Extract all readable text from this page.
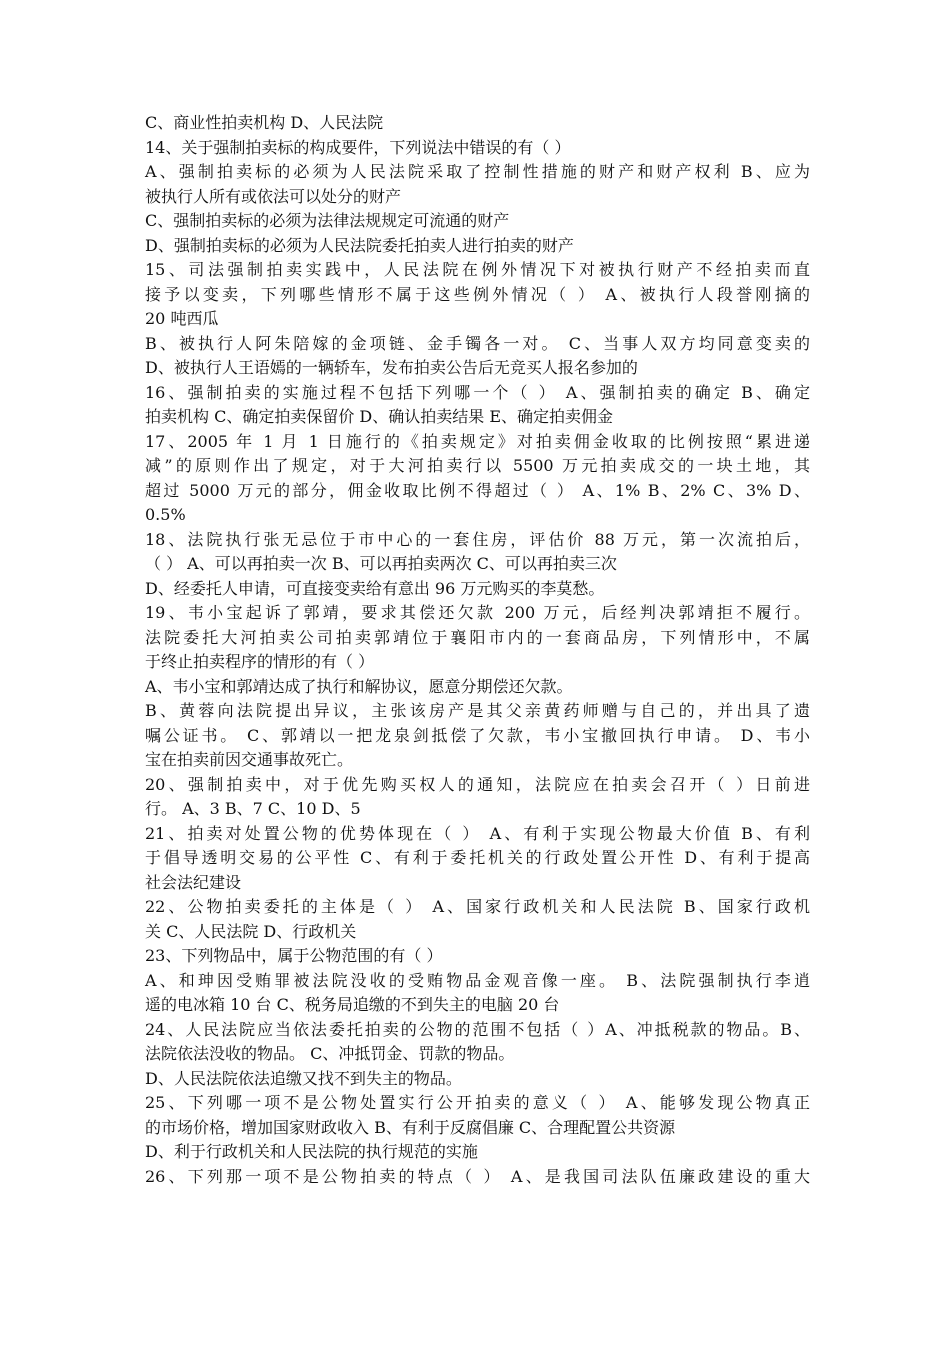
C、商业性拍卖机构 D、人民法院

14、关于强制拍卖标的构成要件，下列说法中错误的有（ ）

A、强制拍卖标的必须为人民法院采取了控制性措施的财产和财产权利 B、应为

被执行人所有或依法可以处分的财产

C、强制拍卖标的必须为法律法规规定可流通的财产

D、强制拍卖标的必须为人民法院委托拍卖人进行拍卖的财产

15、司法强制拍卖实践中，人民法院在例外情况下对被执行财产不经拍卖而直

接予以变卖，下列哪些情形不属于这些例外情况（ ） A、被执行人段誉刚摘的

20 吨西瓜

B、被执行人阿朱陪嫁的金项链、金手镯各一对。 C、当事人双方均同意变卖的

D、被执行人王语嫣的一辆轿车，发布拍卖公告后无竞买人报名参加的

16、强制拍卖的实施过程不包括下列哪一个（ ） A、强制拍卖的确定 B、确定

拍卖机构 C、确定拍卖保留价 D、确认拍卖结果 E、确定拍卖佣金

17、2005 年 1 月 1 日施行的《拍卖规定》对拍卖佣金收取的比例按照“累进递

减”的原则作出了规定，对于大河拍卖行以 5500 万元拍卖成交的一块土地，其

超过 5000 万元的部分，佣金收取比例不得超过（ ） A、1% B、2% C、3% D、

0.5%

18、法院执行张无忌位于市中心的一套住房，评估价 88 万元，第一次流拍后，

（ ） A、可以再拍卖一次 B、可以再拍卖两次 C、可以再拍卖三次

D、经委托人申请，可直接变卖给有意出 96 万元购买的李莫愁。

19、韦小宝起诉了郭靖，要求其偿还欠款 200 万元，后经判决郭靖拒不履行。

法院委托大河拍卖公司拍卖郭靖位于襄阳市内的一套商品房，下列情形中，不属

于终止拍卖程序的情形的有（ ）

A、韦小宝和郭靖达成了执行和解协议，愿意分期偿还欠款。

B、黄蓉向法院提出异议，主张该房产是其父亲黄药师赠与自己的，并出具了遗

嘱公证书。 C、郭靖以一把龙泉剑抵偿了欠款，韦小宝撤回执行申请。 D、韦小

宝在拍卖前因交通事故死亡。

20、强制拍卖中，对于优先购买权人的通知，法院应在拍卖会召开（ ）日前进

行。 A、3 B、7 C、10 D、5

21、拍卖对处置公物的优势体现在（ ） A、有利于实现公物最大价值 B、有利

于倡导透明交易的公平性 C、有利于委托机关的行政处置公开性 D、有利于提高

社会法纪建设

22、公物拍卖委托的主体是（ ） A、国家行政机关和人民法院 B、国家行政机

关 C、人民法院 D、行政机关

23、下列物品中，属于公物范围的有（ ）

A、和珅因受贿罪被法院没收的受贿物品金观音像一座。 B、法院强制执行李逍

遥的电冰箱 10 台 C、税务局追缴的不到失主的电脑 20 台

24、人民法院应当依法委托拍卖的公物的范围不包括（ ）A、冲抵税款的物品。B、

法院依法没收的物品。 C、冲抵罚金、罚款的物品。

D、人民法院依法追缴又找不到失主的物品。

25、下列哪一项不是公物处置实行公开拍卖的意义（ ） A、能够发现公物真正

的市场价格，增加国家财政收入 B、有利于反腐倡廉 C、合理配置公共资源

D、利于行政机关和人民法院的执行规范的实施

26、下列那一项不是公物拍卖的特点（ ） A、是我国司法队伍廉政建设的重大
